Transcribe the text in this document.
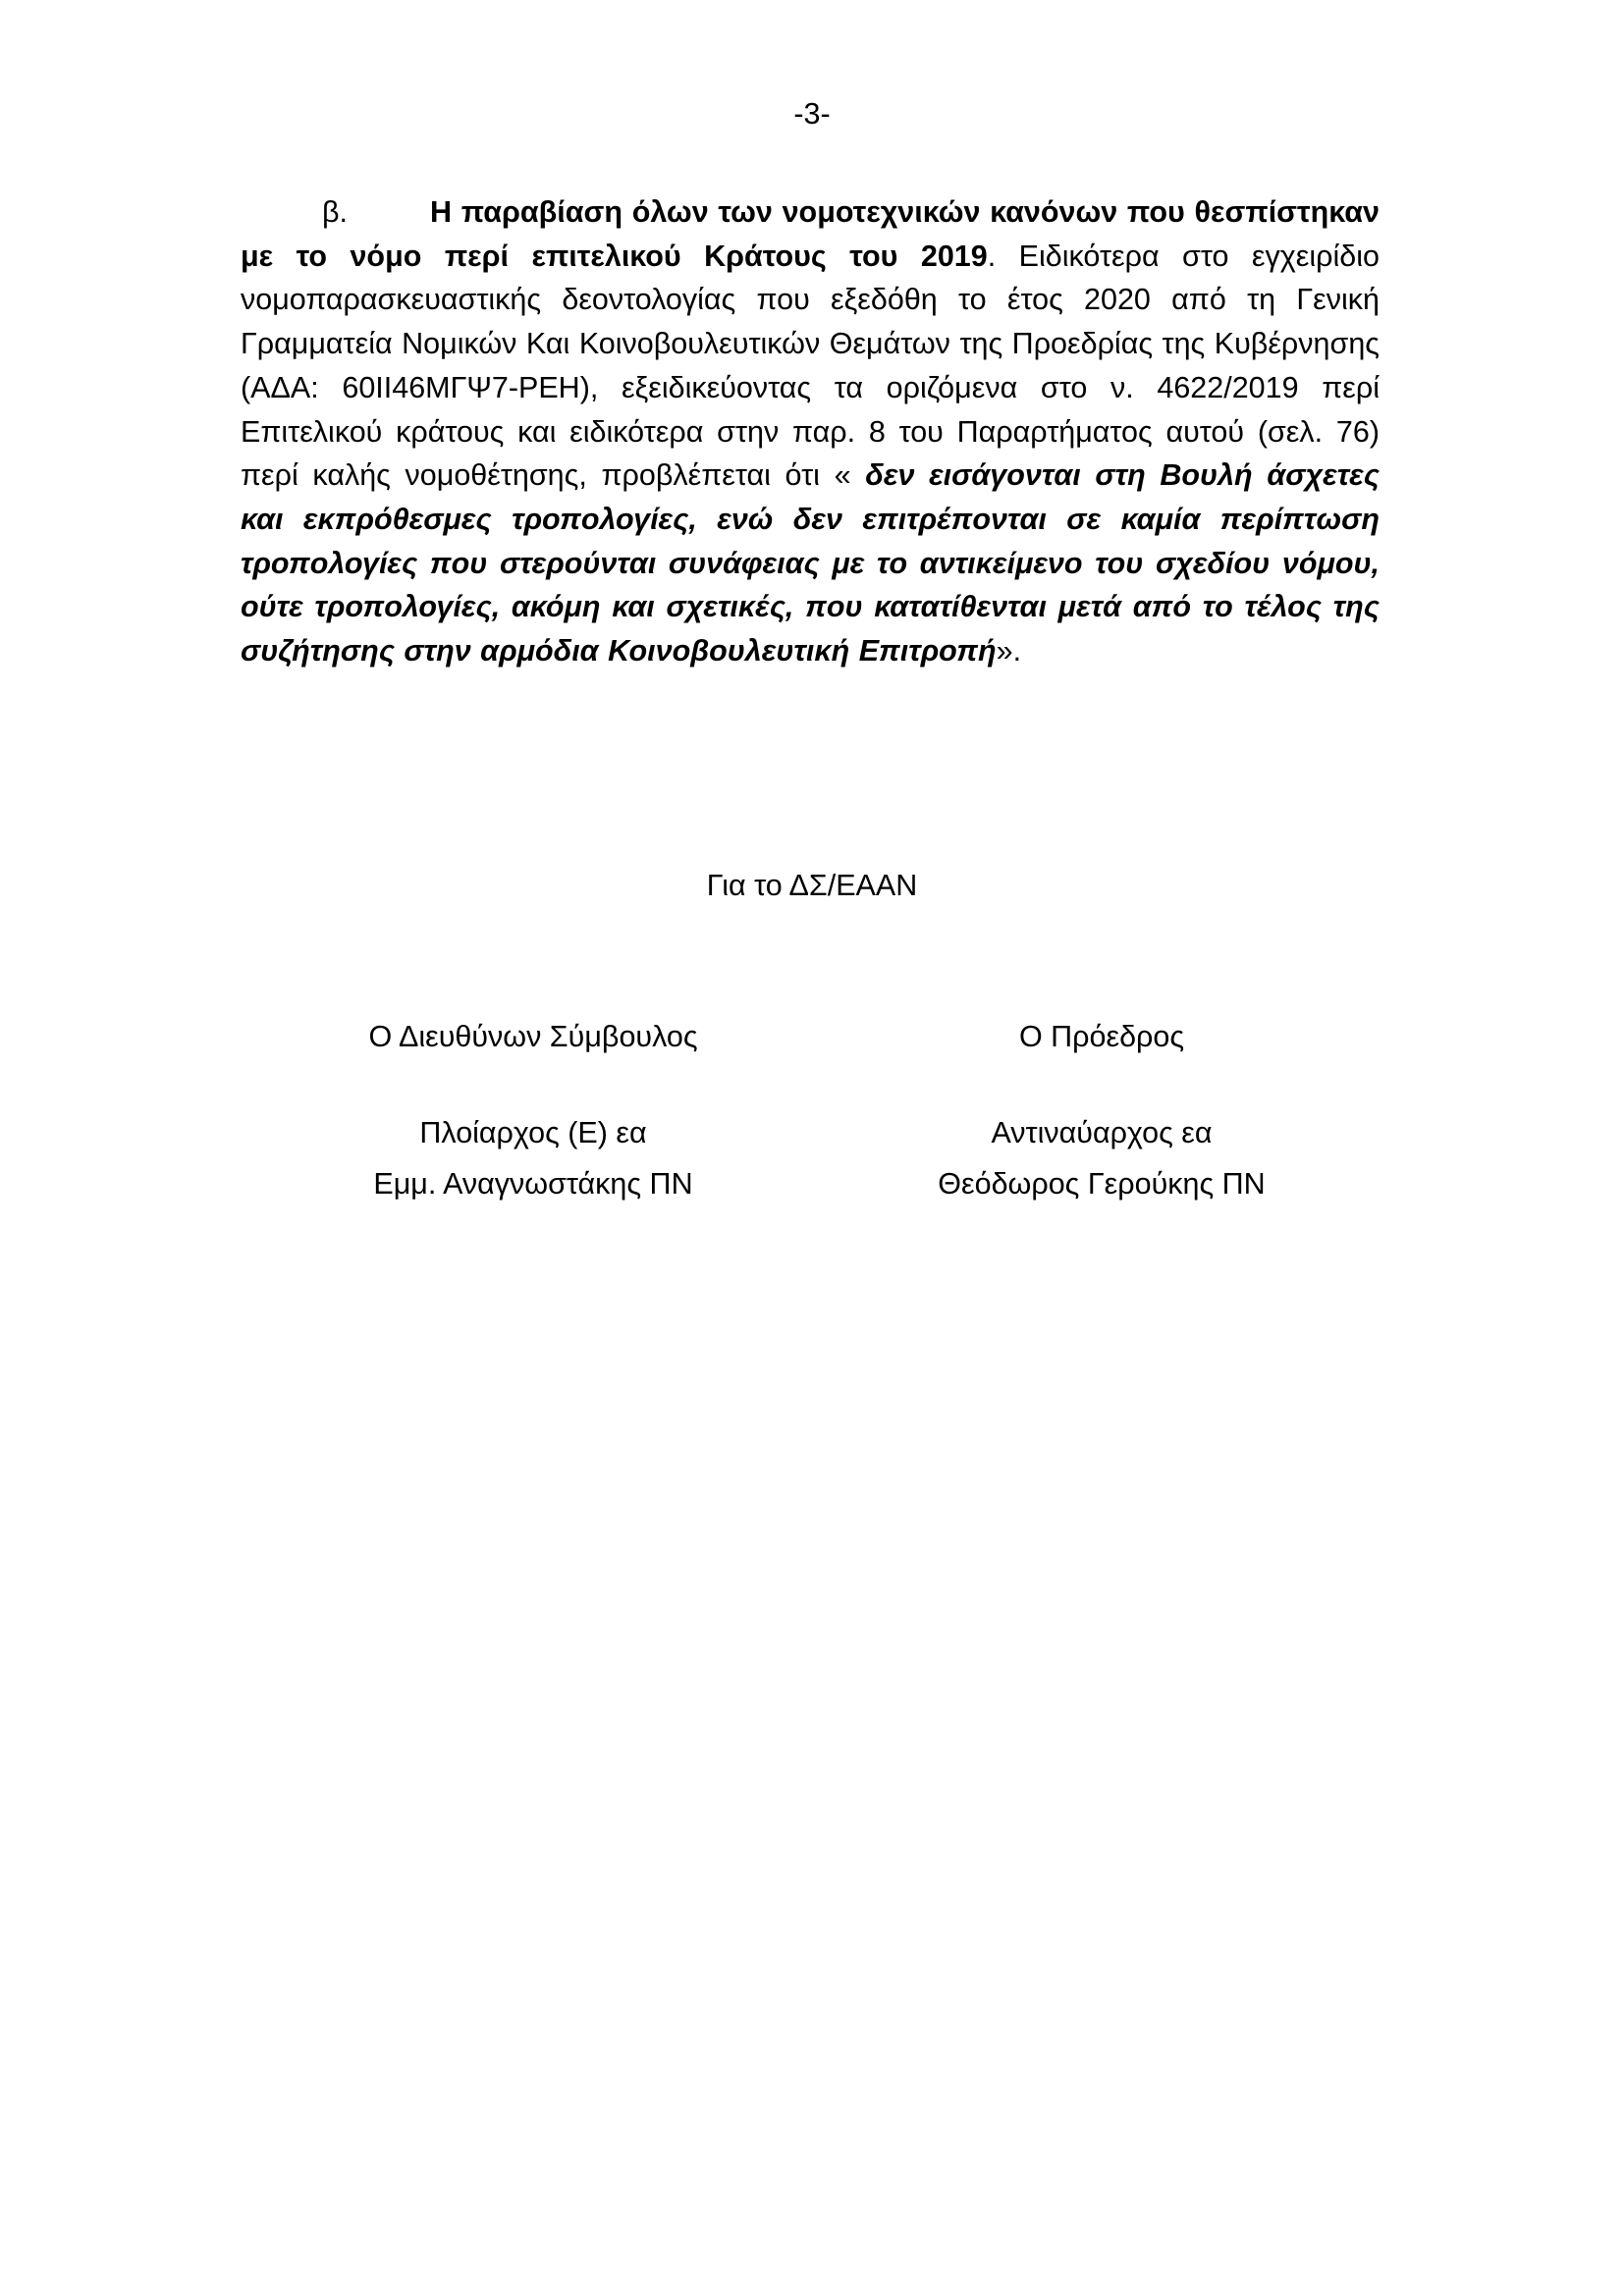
-3-

β.	Η παραβίαση όλων των νομοτεχνικών κανόνων που θεσπίστηκαν με το νόμο περί επιτελικού Κράτους του 2019. Ειδικότερα στο εγχειρίδιο νομοπαρασκευαστικής δεοντολογίας που εξεδόθη το έτος 2020 από τη Γενική Γραμματεία Νομικών Και Κοινοβουλευτικών Θεμάτων της Προεδρίας της Κυβέρνησης (ΑΔΑ: 60ΙΙ46ΜΓΨ7-ΡΕΗ), εξειδικεύοντας τα οριζόμενα στο ν. 4622/2019 περί Επιτελικού κράτους και ειδικότερα στην παρ. 8 του Παραρτήματος αυτού (σελ. 76) περί καλής νομοθέτησης, προβλέπεται ότι « δεν εισάγονται στη Βουλή άσχετες και εκπρόθεσμες τροπολογίες, ενώ δεν επιτρέπονται σε καμία περίπτωση τροπολογίες που στερούνται συνάφειας με το αντικείμενο του σχεδίου νόμου, ούτε τροπολογίες, ακόμη και σχετικές, που κατατίθενται μετά από το τέλος της συζήτησης στην αρμόδια Κοινοβουλευτική Επιτροπή».

Για το ΔΣ/ΕΑΑΝ
Ο Διευθύνων Σύμβουλος
Πλοίαρχος (Ε) εα
Εμμ. Αναγνωστάκης ΠΝ
Ο Πρόεδρος
Αντιναύαρχος εα
Θεόδωρος Γερούκης ΠΝ
